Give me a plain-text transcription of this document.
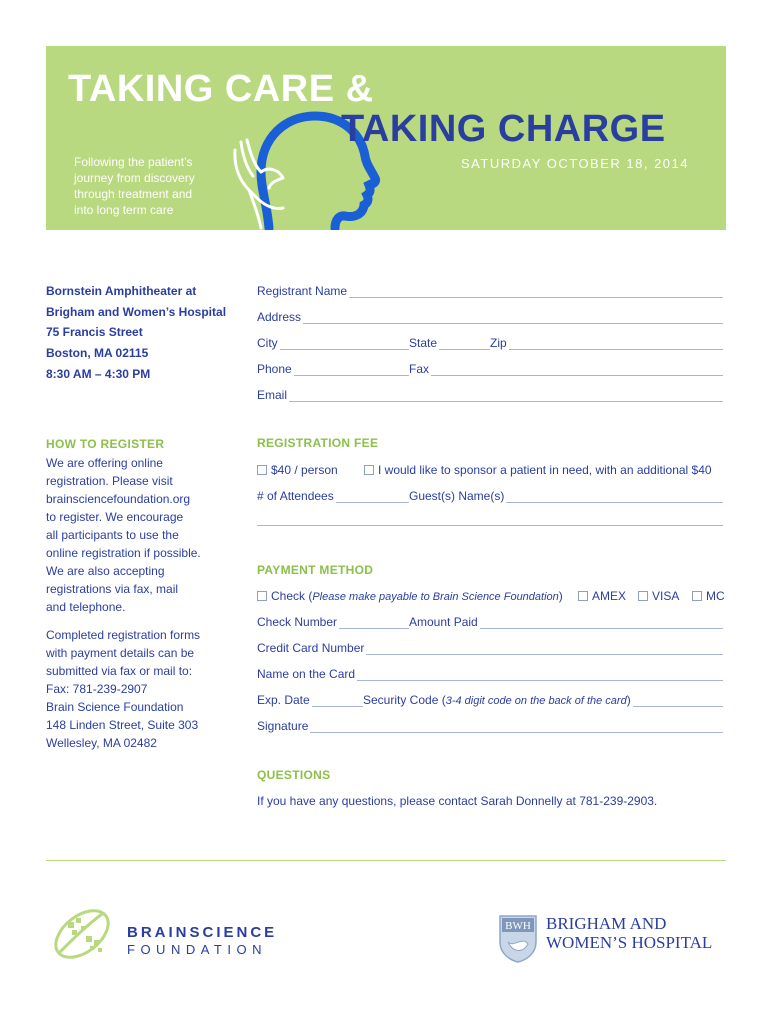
TAKING CARE &
TAKING CHARGE
Following the patient’s
journey from discovery
through treatment and
into long term care
SATURDAY OCTOBER 18, 2014
Bornstein Amphitheater at
Brigham and Women’s Hospital
75 Francis Street
Boston, MA 02115
8:30 AM – 4:30 PM
HOW TO REGISTER
We are offering online
registration. Please visit
brainsciencefoundation.org
to register. We encourage
all participants to use the
online registration if possible.
We are also accepting
registrations via fax, mail
and telephone.
Completed registration forms
with payment details can be
submitted via fax or mail to:
Fax: 781-239-2907
Brain Science Foundation
148 Linden Street, Suite 303
Wellesley, MA 02482
Registrant Name
Address
City	State	Zip
Phone	Fax
Email
REGISTRATION FEE
$40 / person	I would like to sponsor a patient in need, with an additional $40
# of Attendees	Guest(s) Name(s)
PAYMENT METHOD
Check (Please make payable to Brain Science Foundation)	AMEX	VISA	MC
Check Number	Amount Paid
Credit Card Number
Name on the Card
Exp. Date	Security Code (3-4 digit code on the back of the card)
Signature
QUESTIONS
If you have any questions, please contact Sarah Donnelly at 781-239-2903.
BRAINSCIENCE
FOUNDATION
BWH BRIGHAM AND
WOMEN’S HOSPITAL
